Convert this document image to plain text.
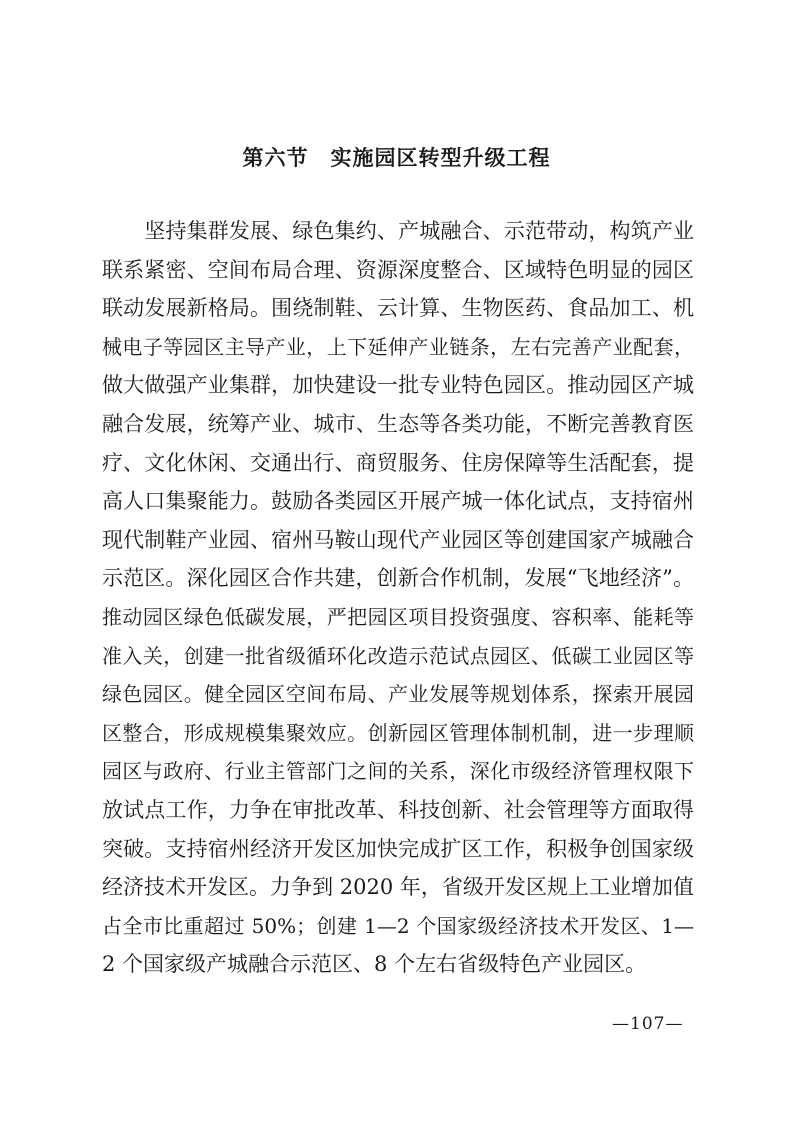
第六节　实施园区转型升级工程
　　坚持集群发展、绿色集约、产城融合、示范带动，构筑产业
联系紧密、空间布局合理、资源深度整合、区域特色明显的园区
联动发展新格局。围绕制鞋、云计算、生物医药、食品加工、机
械电子等园区主导产业，上下延伸产业链条，左右完善产业配套，
做大做强产业集群，加快建设一批专业特色园区。推动园区产城
融合发展，统筹产业、城市、生态等各类功能，不断完善教育医
疗、文化休闲、交通出行、商贸服务、住房保障等生活配套，提
高人口集聚能力。鼓励各类园区开展产城一体化试点，支持宿州
现代制鞋产业园、宿州马鞍山现代产业园区等创建国家产城融合
示范区。深化园区合作共建，创新合作机制，发展“飞地经济”。
推动园区绿色低碳发展，严把园区项目投资强度、容积率、能耗等
准入关，创建一批省级循环化改造示范试点园区、低碳工业园区等
绿色园区。健全园区空间布局、产业发展等规划体系，探索开展园
区整合，形成规模集聚效应。创新园区管理体制机制，进一步理顺
园区与政府、行业主管部门之间的关系，深化市级经济管理权限下
放试点工作，力争在审批改革、科技创新、社会管理等方面取得
突破。支持宿州经济开发区加快完成扩区工作，积极争创国家级
经济技术开发区。力争到 2020 年，省级开发区规上工业增加值
占全市比重超过 50%；创建 1—2 个国家级经济技术开发区、1—
2 个国家级产城融合示范区、8 个左右省级特色产业园区。
—107—
